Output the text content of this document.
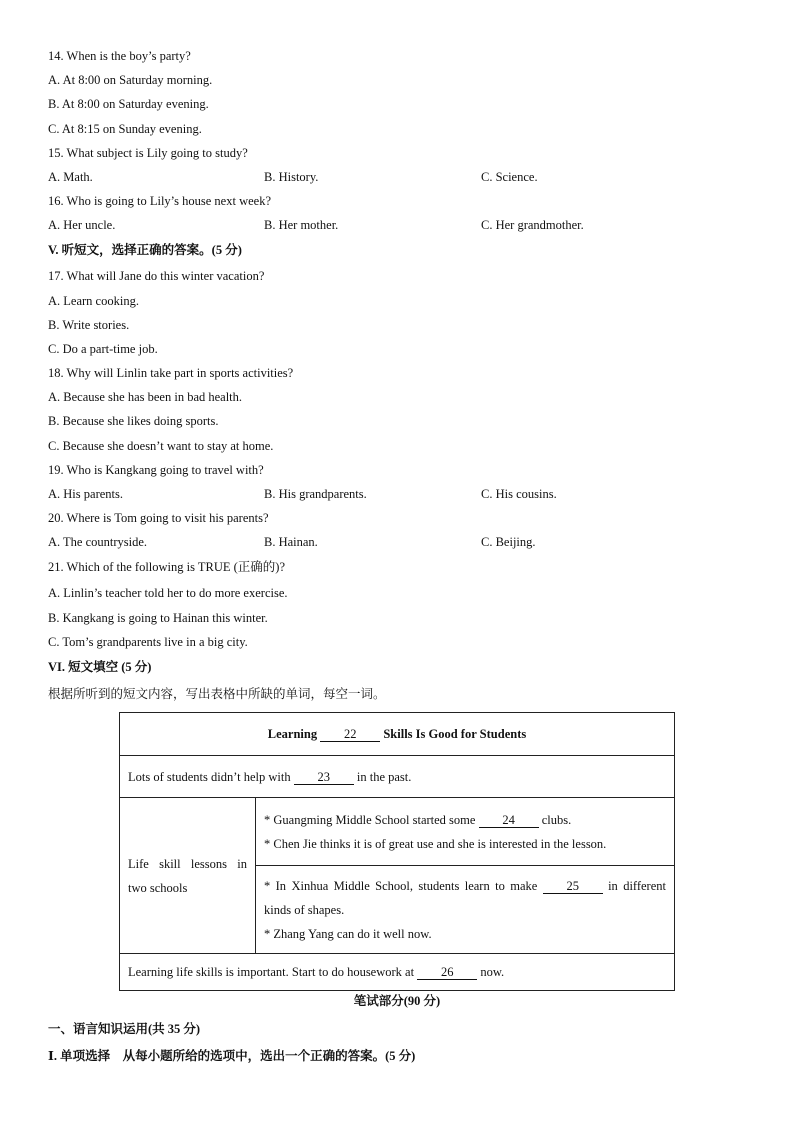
14. When is the boy’s party?
A. At 8:00 on Saturday morning.
B. At 8:00 on Saturday evening.
C. At 8:15 on Sunday evening.
15. What subject is Lily going to study?
A. Math.	B. History.	C. Science.
16. Who is going to Lily’s house next week?
A. Her uncle.	B. Her mother.	C. Her grandmother.
V. 听短文，选择正确的答案。(5 分)
17. What will Jane do this winter vacation?
A. Learn cooking.
B. Write stories.
C. Do a part-time job.
18. Why will Linlin take part in sports activities?
A. Because she has been in bad health.
B. Because she likes doing sports.
C. Because she doesn’t want to stay at home.
19. Who is Kangkang going to travel with?
A. His parents.	B. His grandparents.	C. His cousins.
20. Where is Tom going to visit his parents?
A. The countryside.	B. Hainan.	C. Beijing.
21. Which of the following is TRUE (正确的)?
A. Linlin’s teacher told her to do more exercise.
B. Kangkang is going to Hainan this winter.
C. Tom’s grandparents live in a big city.
VI. 短文填空 (5 分)
根据所听到的短文内容，写出表格中所缺的单词，每空一词。
Learning 22 Skills Is Good for Students
Lots of students didn’t help with 23 in the past.
Life skill lessons in two schools	
* Guangming Middle School started some 24 clubs.
* Chen Jie thinks it is of great use and she is interested in the lesson.

* In Xinhua Middle School, students learn to make 25 in different kinds of shapes.
* Zhang Yang can do it well now.

Learning life skills is important. Start to do housework at 26 now.
笔试部分(90 分)
一、语言知识运用(共 35 分)
Ⅰ. 单项选择　从每小题所给的选项中，选出一个正确的答案。(5 分)
